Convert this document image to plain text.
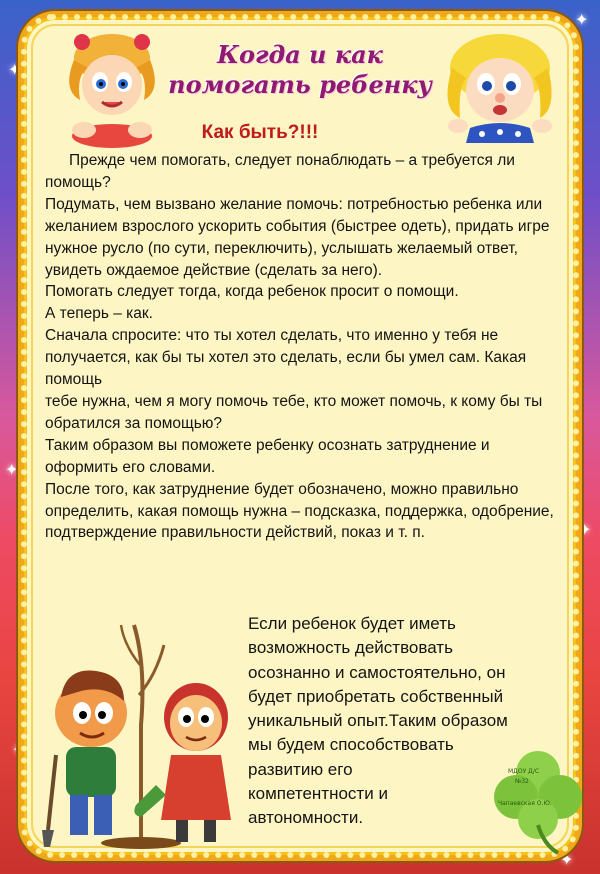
✦
✦
✦
✦
✦
✦
Когда и как
помогать ребенку
Как быть?!!!

Прежде чем помогать, следует понаблюдать – а требуется ли помощь?

Подумать, чем вызвано желание помочь: потребностью ребенка или

желанием взрослого ускорить события (быстрее одеть), придать игре нужное русло (по сути, переключить), услышать желаемый ответ, увидеть ождаемое действие (сделать за него).

Помогать следует тогда, когда ребенок просит о помощи.

А теперь – как.

Сначала спросите: что ты хотел сделать, что именно у тебя не получается, как бы ты хотел это сделать, если бы умел сам. Какая помощь

тебе нужна, чем я могу помочь тебе, кто может помочь, к кому бы ты обратился за помощью?

Таким образом вы поможете ребенку осознать затруднение и оформить его словами.

После того, как затруднение будет обозначено, можно правильно определить, какая помощь нужна – подсказка, поддержка, одобрение,

подтверждение правильности действий, показ и т. п.

Если ребенок будет иметь

возможность действовать

осознанно и самостоятельно, он

будет приобретать собственный

уникальный опыт.Таким образом

мы будем способствовать

развитию его

компетентности и

автономности.

МДОУ Д/С
№32
Чапаевская О.Ю.
